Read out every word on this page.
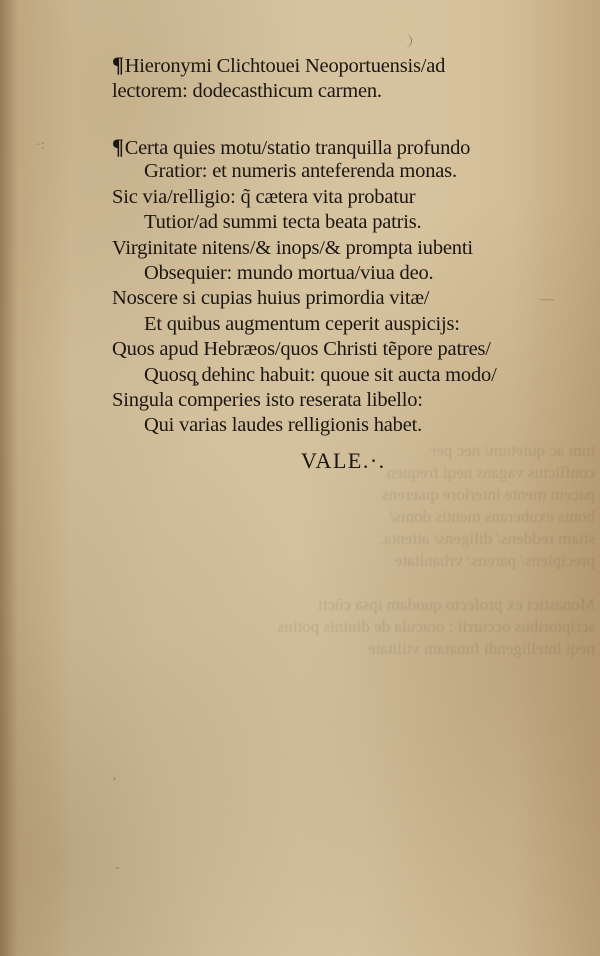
tum ac quietum/ nec per
conflictus vagans neqi frequen
pacem mente interiore quærens
bonis exuberans mentis donis/
stiam reddens/ diligens/ attenta.
precipiens/ parens/ vrbanitate

Monastici ex profecto quodam ipsa cũcti
scriptoribus occurrit : oracula de diuinis potius
neqi intelligendi funatam vtilitate
¶Hieronymi Clichtouei Neoportuensis/ad
lectorem: dodecasthicum carmen.
¶Certa quies motu/statio tranquilla profundo
Gratior: et numeris anteferenda monas.
Sic via/relligio: q̃ cætera vita probatur
Tutior/ad summi tecta beata patris.
Virginitate nitens/& inops/& prompta iubenti
Obsequier: mundo mortua/viua deo.
Noscere si cupias huius primordia vitæ/
Et quibus augmentum ceperit auspicijs:
Quos apud Hebræos/quos Christi tẽpore patres/
Quosq̧ dehinc habuit: quoue sit aucta modo/
Singula comperies isto reserata libello:
Qui varias laudes relligionis habet.
VALE.·.
·:
—
‚
‐
